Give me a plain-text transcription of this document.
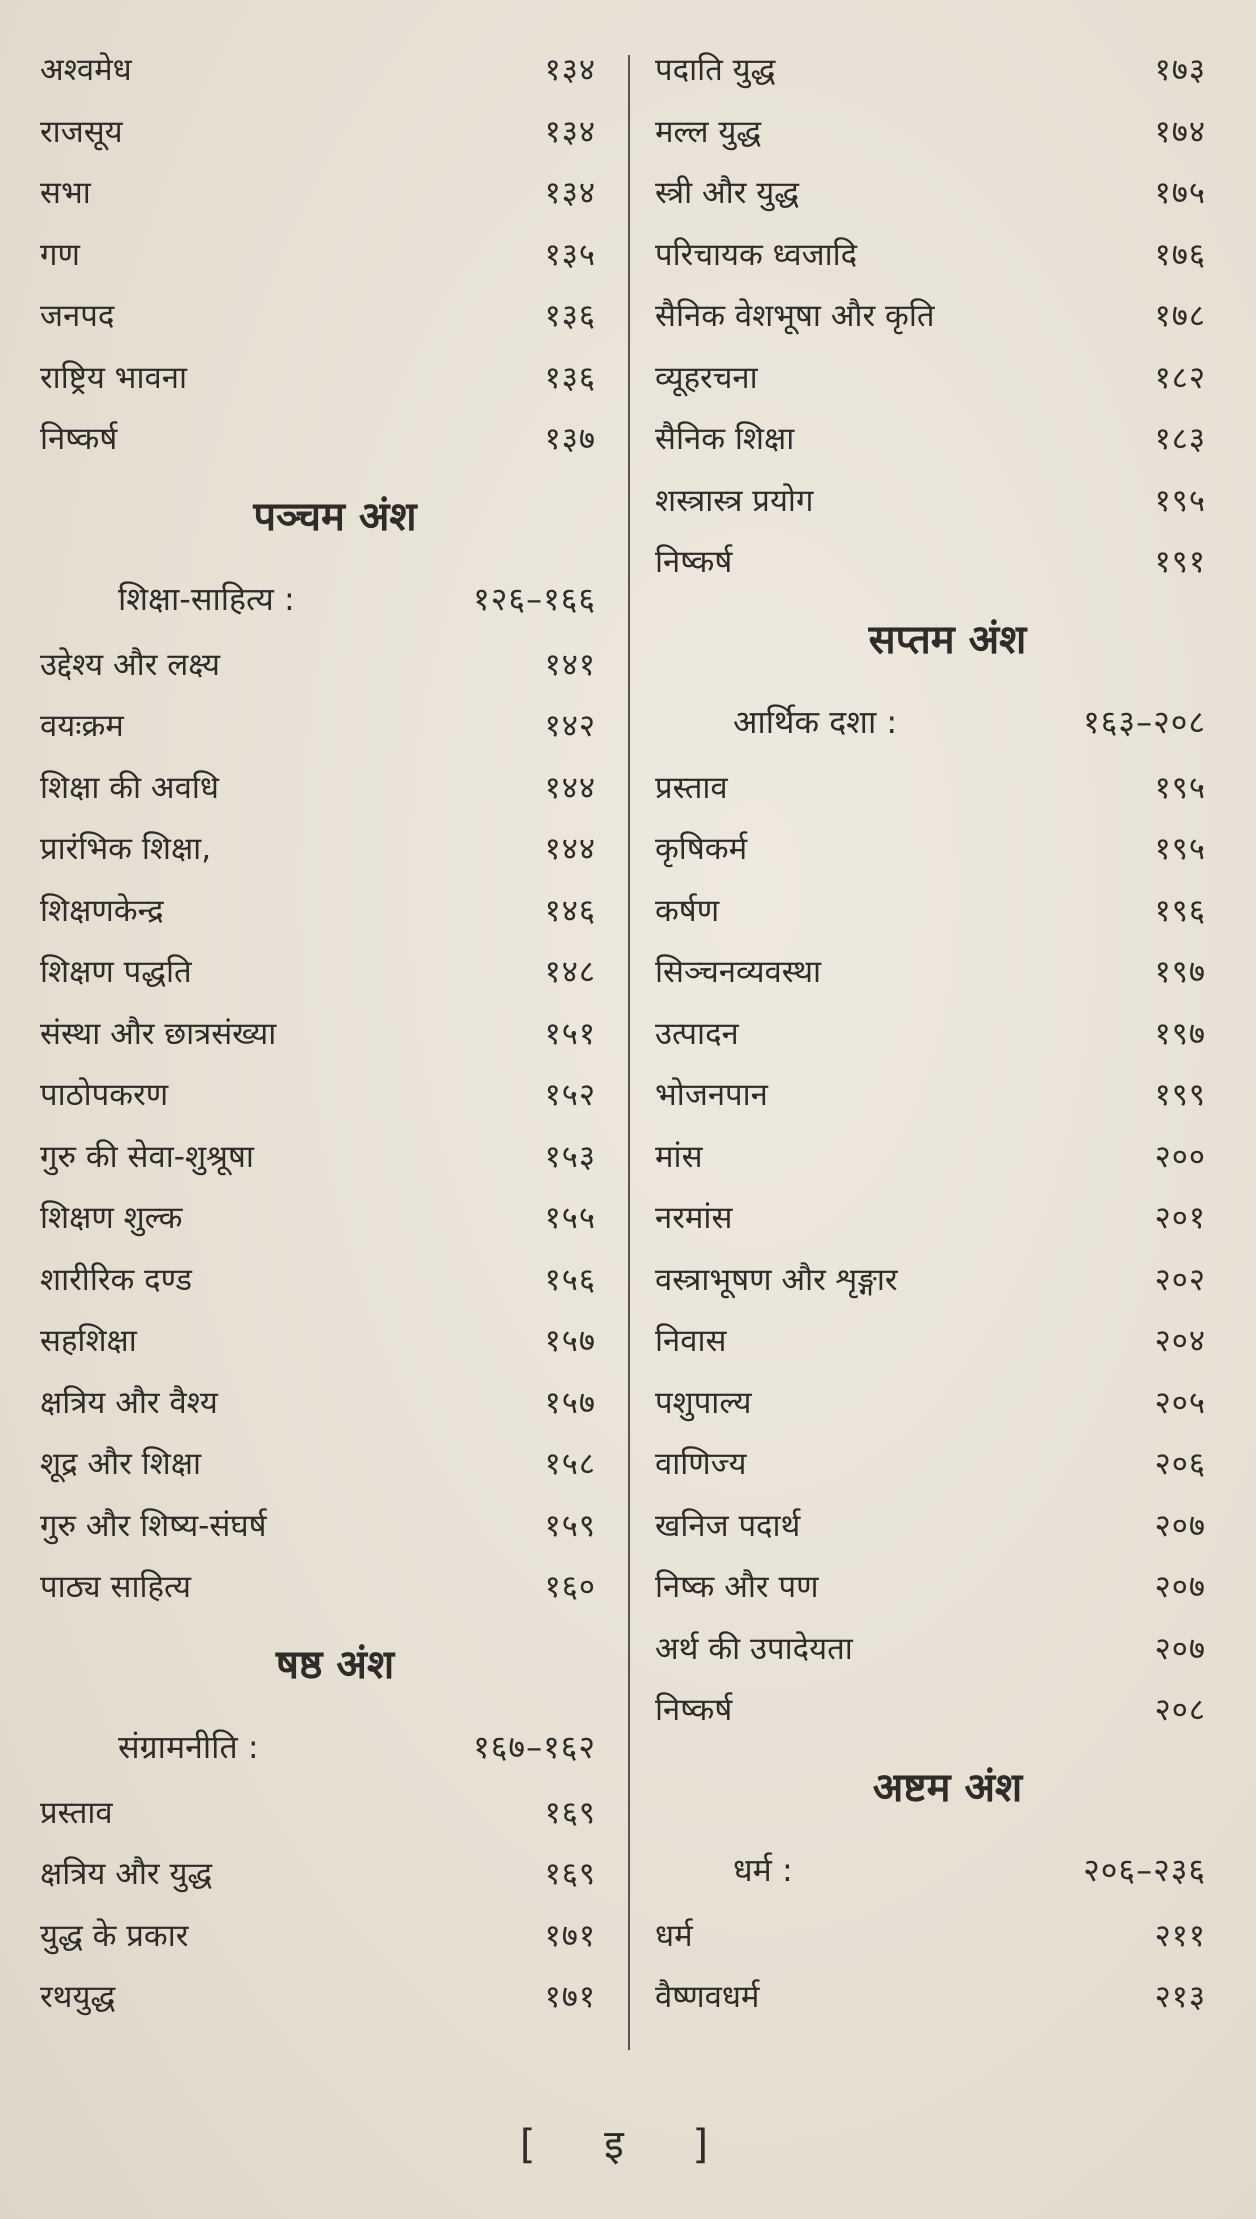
अश्वमेध	१३४
राजसूय	१३४
सभा	१३४
गण	१३५
जनपद	१३६
राष्ट्रिय भावना	१३६
निष्कर्ष	१३७
पञ्चम अंश
शिक्षा-साहित्य :	१२६–१६६
उद्देश्य और लक्ष्य	१४१
वयःक्रम	१४२
शिक्षा की अवधि	१४४
प्रारंभिक शिक्षा,	१४४
शिक्षणकेन्द्र	१४६
शिक्षण पद्धति	१४८
संस्था और छात्रसंख्या	१५१
पाठोपकरण	१५२
गुरु की सेवा-शुश्रूषा	१५३
शिक्षण शुल्क	१५५
शारीरिक दण्ड	१५६
सहशिक्षा	१५७
क्षत्रिय और वैश्य	१५७
शूद्र और शिक्षा	१५८
गुरु और शिष्य-संघर्ष	१५९
पाठ्य साहित्य	१६०
षष्ठ अंश
संग्रामनीति :	१६७–१६२
प्रस्ताव	१६९
क्षत्रिय और युद्ध	१६९
युद्ध के प्रकार	१७१
रथयुद्ध	१७१
पदाति युद्ध	१७३
मल्ल युद्ध	१७४
स्त्री और युद्ध	१७५
परिचायक ध्वजादि	१७६
सैनिक वेशभूषा और कृति	१७८
व्यूहरचना	१८२
सैनिक शिक्षा	१८३
शस्त्रास्त्र प्रयोग	१९५
निष्कर्ष	१९१
सप्तम अंश
आर्थिक दशा :	१६३–२०८
प्रस्ताव	१९५
कृषिकर्म	१९५
कर्षण	१९६
सिञ्चनव्यवस्था	१९७
उत्पादन	१९७
भोजनपान	१९९
मांस	२००
नरमांस	२०१
वस्त्राभूषण और शृङ्गार	२०२
निवास	२०४
पशुपाल्य	२०५
वाणिज्य	२०६
खनिज पदार्थ	२०७
निष्क और पण	२०७
अर्थ की उपादेयता	२०७
निष्कर्ष	२०८
अष्टम अंश
धर्म :	२०६–२३६
धर्म	२११
वैष्णवधर्म	२१३
[ इ ]
